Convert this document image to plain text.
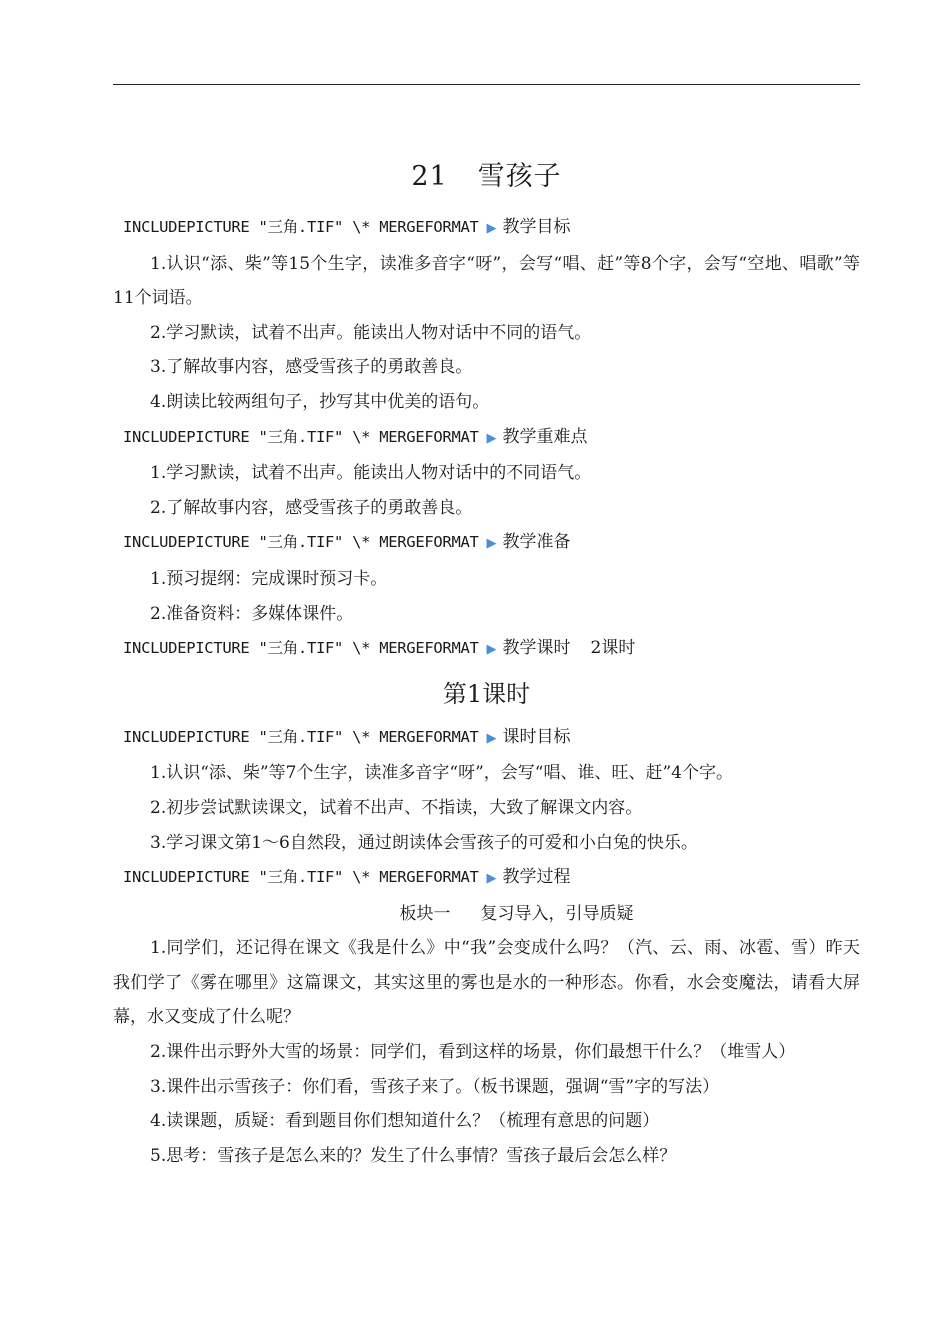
21 雪孩子
INCLUDEPICTURE "三角.TIF" \* MERGEFORMAT ▶ 教学目标

1.认识“添、柴”等15个生字，读准多音字“呀”，会写“唱、赶”等8个字，会写“空地、唱歌”等11个词语。

2.学习默读，试着不出声。能读出人物对话中不同的语气。

3.了解故事内容，感受雪孩子的勇敢善良。

4.朗读比较两组句子，抄写其中优美的语句。

INCLUDEPICTURE "三角.TIF" \* MERGEFORMAT ▶ 教学重难点

1.学习默读，试着不出声。能读出人物对话中的不同语气。

2.了解故事内容，感受雪孩子的勇敢善良。

INCLUDEPICTURE "三角.TIF" \* MERGEFORMAT ▶ 教学准备

1.预习提纲：完成课时预习卡。

2.准备资料：多媒体课件。

INCLUDEPICTURE "三角.TIF" \* MERGEFORMAT ▶ 教学课时 2课时
第1课时
INCLUDEPICTURE "三角.TIF" \* MERGEFORMAT ▶ 课时目标

1.认识“添、柴”等7个生字，读准多音字“呀”，会写“唱、谁、旺、赶”4个字。

2.初步尝试默读课文，试着不出声、不指读，大致了解课文内容。

3.学习课文第1～6自然段，通过朗读体会雪孩子的可爱和小白兔的快乐。

INCLUDEPICTURE "三角.TIF" \* MERGEFORMAT ▶ 教学过程

板块一 复习导入，引导质疑

1.同学们，还记得在课文《我是什么》中“我”会变成什么吗？（汽、云、雨、冰雹、雪）昨天我们学了《雾在哪里》这篇课文，其实这里的雾也是水的一种形态。你看，水会变魔法，请看大屏幕，水又变成了什么呢？

2.课件出示野外大雪的场景：同学们，看到这样的场景，你们最想干什么？（堆雪人）

3.课件出示雪孩子：你们看，雪孩子来了。（板书课题，强调“雪”字的写法）

4.读课题，质疑：看到题目你们想知道什么？（梳理有意思的问题）

5.思考：雪孩子是怎么来的？发生了什么事情？雪孩子最后会怎么样？
